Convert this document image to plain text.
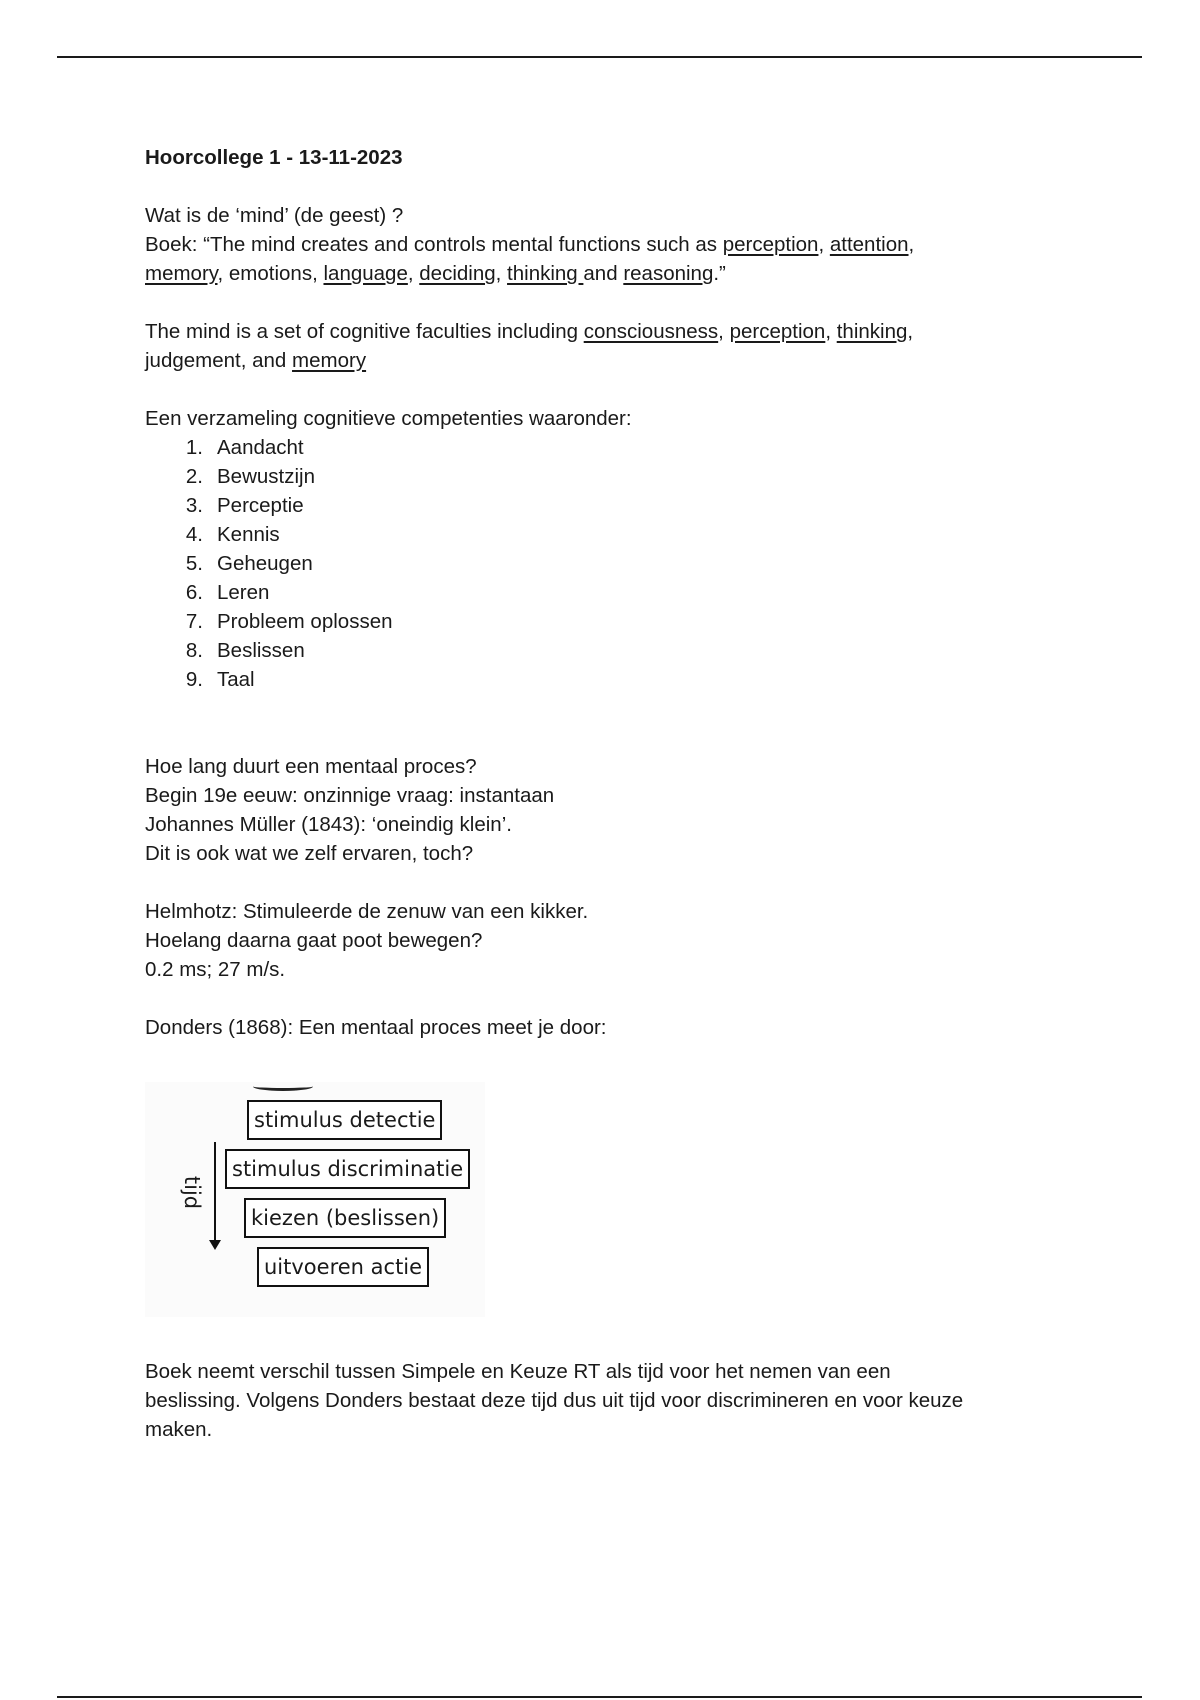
Hoorcollege 1 - 13-11-2023

Wat is de ‘mind’ (de geest) ?

Boek: “The mind creates and controls mental functions such as perception, attention,

memory, emotions, language, deciding, thinking and reasoning.”

The mind is a set of cognitive faculties including consciousness, perception, thinking,

judgement, and memory

Een verzameling cognitieve competenties waaronder:

1. Aandacht
2. Bewustzijn
3. Perceptie
4. Kennis
5. Geheugen
6. Leren
7. Probleem oplossen
8. Beslissen
9. Taal

Hoe lang duurt een mentaal proces?

Begin 19e eeuw: onzinnige vraag: instantaan

Johannes Müller (1843): ‘oneindig klein’.

Dit is ook wat we zelf ervaren, toch?

Helmhotz: Stimuleerde de zenuw van een kikker.

Hoelang daarna gaat poot bewegen?

0.2 ms; 27 m/s.

Donders (1868): Een mentaal proces meet je door:

stimulus detectie
stimulus discriminatie
kiezen (beslissen)
uitvoeren actie
tijd

Boek neemt verschil tussen Simpele en Keuze RT als tijd voor het nemen van een

beslissing. Volgens Donders bestaat deze tijd dus uit tijd voor discrimineren en voor keuze

maken.
